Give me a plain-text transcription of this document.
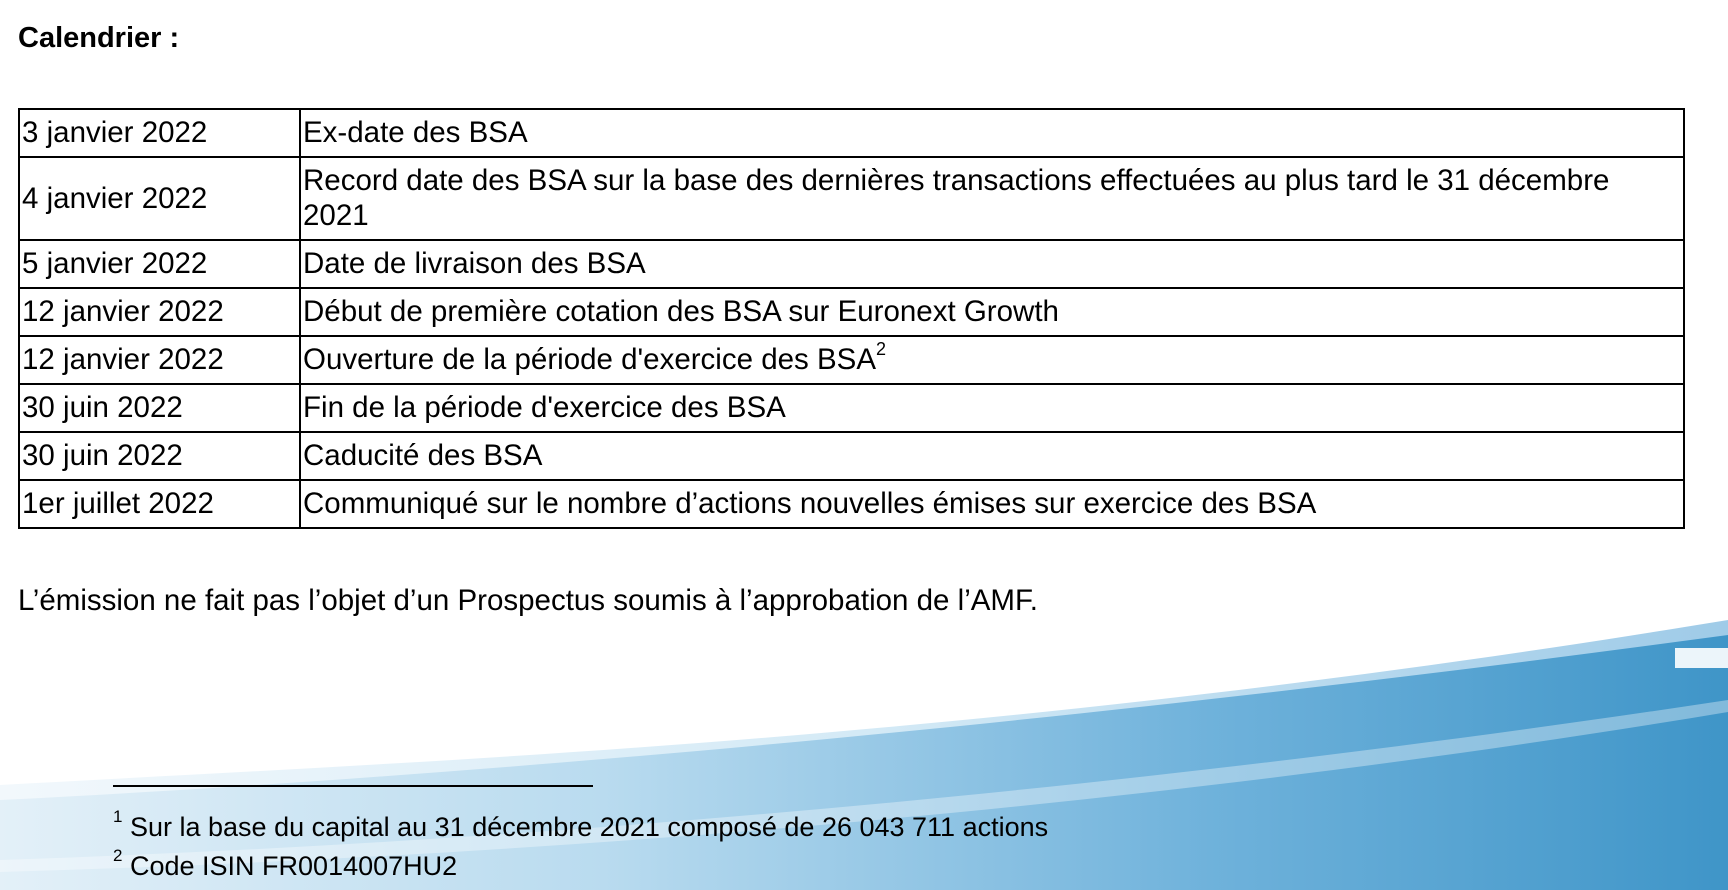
Calendrier :

3 janvier 2022	Ex-date des BSA
4 janvier 2022	Record date des BSA sur la base des dernières transactions effectuées au plus tard le 31 décembre 2021
5 janvier 2022	Date de livraison des BSA
12 janvier 2022	Début de première cotation des BSA sur Euronext Growth
12 janvier 2022	Ouverture de la période d'exercice des BSA$^2$
30 juin 2022	Fin de la période d'exercice des BSA
30 juin 2022	Caducité des BSA
1er juillet 2022	Communiqué sur le nombre d’actions nouvelles émises sur exercice des BSA

L’émission ne fait pas l’objet d’un Prospectus soumis à l’approbation de l’AMF.

$^1$ Sur la base du capital au 31 décembre 2021 composé de 26 043 711 actions

$^2$ Code ISIN FR0014007HU2
